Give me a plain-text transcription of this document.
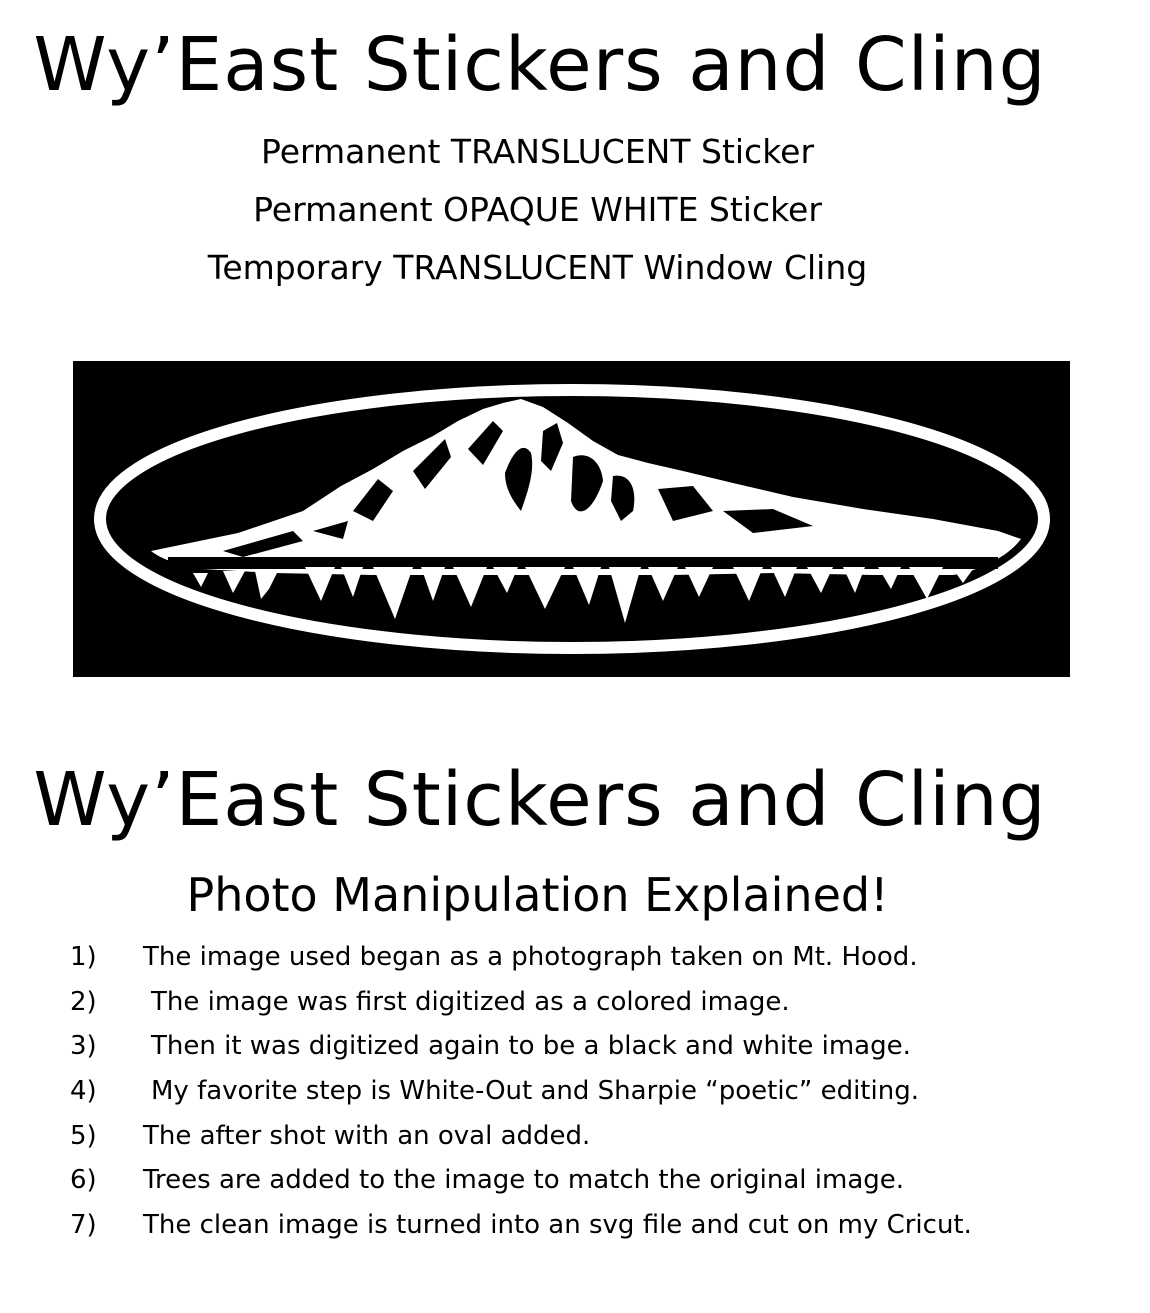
Wy’East Stickers and Cling
Permanent TRANSLUCENT Sticker
Permanent OPAQUE WHITE Sticker
Temporary TRANSLUCENT Window Cling
Wy’East Stickers and Cling
Photo Manipulation Explained!
1)	The image used began as a photograph taken on Mt. Hood.
2)	The image was first digitized as a colored image.
3)	Then it was digitized again to be a black and white image.
4)	My favorite step is White-Out and Sharpie “poetic” editing.
5)	The after shot with an oval added.
6)	Trees are added to the image to match the original image.
7)	The clean image is turned into an svg file and cut on my Cricut.
